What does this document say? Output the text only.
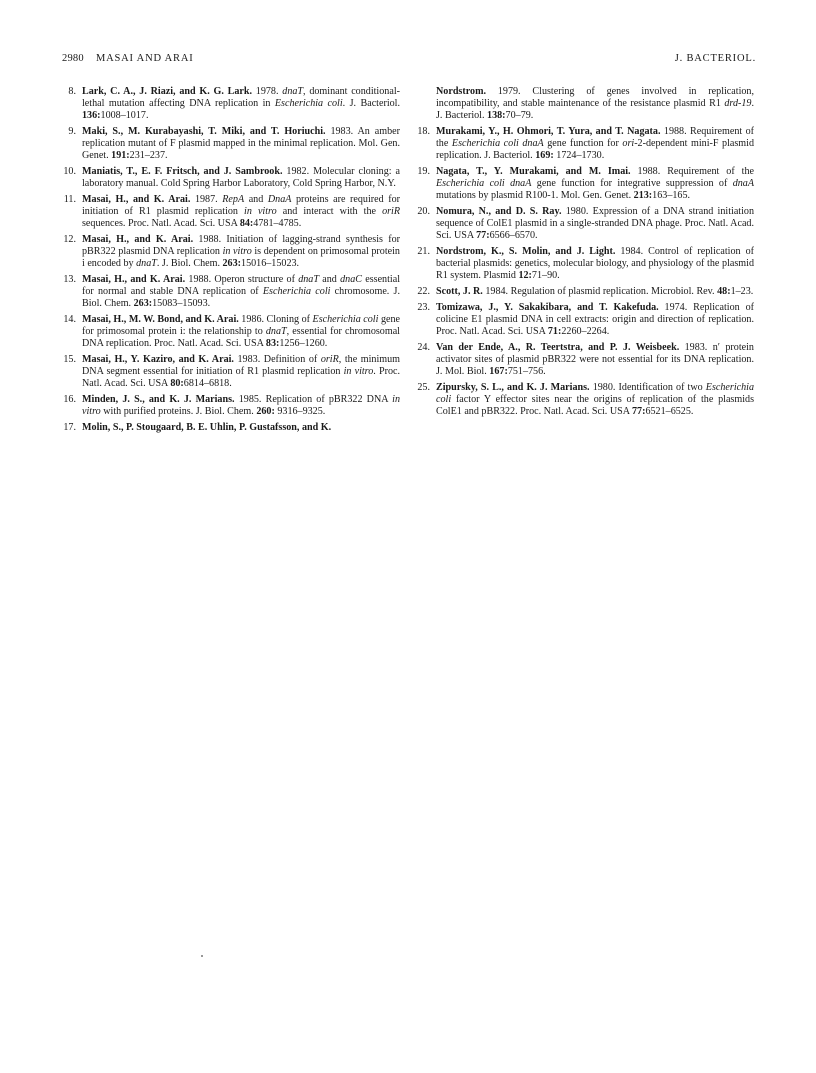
2980 MASAI AND ARAI	J. BACTERIOL.
8. Lark, C. A., J. Riazi, and K. G. Lark. 1978. dnaT, dominant conditional-lethal mutation affecting DNA replication in Escherichia coli. J. Bacteriol. 136:1008–1017.
9. Maki, S., M. Kurabayashi, T. Miki, and T. Horiuchi. 1983. An amber replication mutant of F plasmid mapped in the minimal replication. Mol. Gen. Genet. 191:231–237.
10. Maniatis, T., E. F. Fritsch, and J. Sambrook. 1982. Molecular cloning: a laboratory manual. Cold Spring Harbor Laboratory, Cold Spring Harbor, N.Y.
11. Masai, H., and K. Arai. 1987. RepA and DnaA proteins are required for initiation of R1 plasmid replication in vitro and interact with the oriR sequences. Proc. Natl. Acad. Sci. USA 84:4781–4785.
12. Masai, H., and K. Arai. 1988. Initiation of lagging-strand synthesis for pBR322 plasmid DNA replication in vitro is dependent on primosomal protein i encoded by dnaT. J. Biol. Chem. 263:15016–15023.
13. Masai, H., and K. Arai. 1988. Operon structure of dnaT and dnaC essential for normal and stable DNA replication of Escherichia coli chromosome. J. Biol. Chem. 263:15083–15093.
14. Masai, H., M. W. Bond, and K. Arai. 1986. Cloning of Escherichia coli gene for primosomal protein i: the relationship to dnaT, essential for chromosomal DNA replication. Proc. Natl. Acad. Sci. USA 83:1256–1260.
15. Masai, H., Y. Kaziro, and K. Arai. 1983. Definition of oriR, the minimum DNA segment essential for initiation of R1 plasmid replication in vitro. Proc. Natl. Acad. Sci. USA 80:6814–6818.
16. Minden, J. S., and K. J. Marians. 1985. Replication of pBR322 DNA in vitro with purified proteins. J. Biol. Chem. 260: 9316–9325.
17. Molin, S., P. Stougaard, B. E. Uhlin, P. Gustafsson, and K.
Nordstrom. 1979. Clustering of genes involved in replication, incompatibility, and stable maintenance of the resistance plasmid R1 drd-19. J. Bacteriol. 138:70–79.
18. Murakami, Y., H. Ohmori, T. Yura, and T. Nagata. 1988. Requirement of the Escherichia coli dnaA gene function for ori-2-dependent mini-F plasmid replication. J. Bacteriol. 169: 1724–1730.
19. Nagata, T., Y. Murakami, and M. Imai. 1988. Requirement of the Escherichia coli dnaA gene function for integrative suppression of dnaA mutations by plasmid R100-1. Mol. Gen. Genet. 213:163–165.
20. Nomura, N., and D. S. Ray. 1980. Expression of a DNA strand initiation sequence of ColE1 plasmid in a single-stranded DNA phage. Proc. Natl. Acad. Sci. USA 77:6566–6570.
21. Nordstrom, K., S. Molin, and J. Light. 1984. Control of replication of bacterial plasmids: genetics, molecular biology, and physiology of the plasmid R1 system. Plasmid 12:71–90.
22. Scott, J. R. 1984. Regulation of plasmid replication. Microbiol. Rev. 48:1–23.
23. Tomizawa, J., Y. Sakakibara, and T. Kakefuda. 1974. Replication of colicine E1 plasmid DNA in cell extracts: origin and direction of replication. Proc. Natl. Acad. Sci. USA 71:2260–2264.
24. Van der Ende, A., R. Teertstra, and P. J. Weisbeek. 1983. n′ protein activator sites of plasmid pBR322 were not essential for its DNA replication. J. Mol. Biol. 167:751–756.
25. Zipursky, S. L., and K. J. Marians. 1980. Identification of two Escherichia coli factor Y effector sites near the origins of replication of the plasmids ColE1 and pBR322. Proc. Natl. Acad. Sci. USA 77:6521–6525.
